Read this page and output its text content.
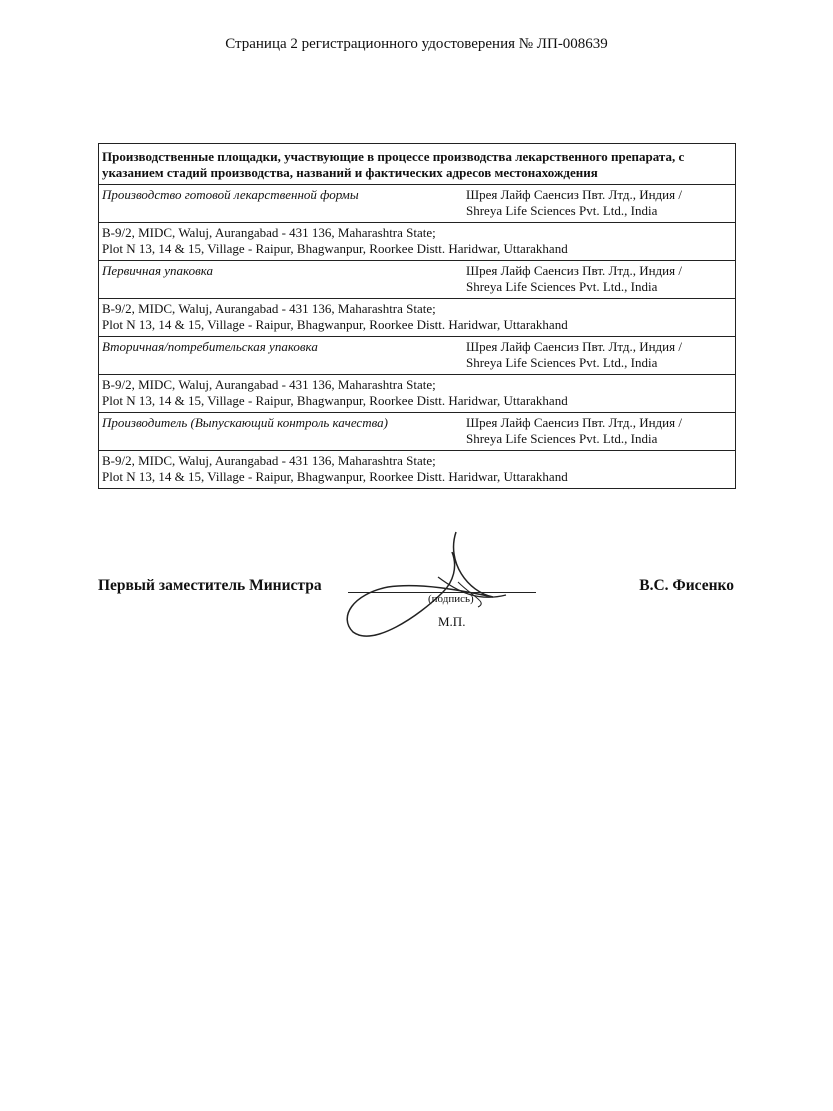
Страница 2 регистрационного удостоверения № ЛП-008639
Производственные площадки, участвующие в процессе производства лекарственного препарата, с указанием стадий производства, названий и фактических адресов местонахождения	
Производство готовой лекарственной формы	Шрея Лайф Саенсиз Пвт. Лтд., Индия /
Shreya Life Sciences Pvt. Ltd., India

B-9/2, MIDC, Waluj, Aurangabad - 431 136, Maharashtra State;
Plot N 13, 14 & 15, Village - Raipur, Bhagwanpur, Roorkee Distt. Haridwar, Uttarakhand	

Первичная упаковка	Шрея Лайф Саенсиз Пвт. Лтд., Индия /
Shreya Life Sciences Pvt. Ltd., India

B-9/2, MIDC, Waluj, Aurangabad - 431 136, Maharashtra State;
Plot N 13, 14 & 15, Village - Raipur, Bhagwanpur, Roorkee Distt. Haridwar, Uttarakhand	

Вторичная/потребительская упаковка	Шрея Лайф Саенсиз Пвт. Лтд., Индия /
Shreya Life Sciences Pvt. Ltd., India

B-9/2, MIDC, Waluj, Aurangabad - 431 136, Maharashtra State;
Plot N 13, 14 & 15, Village - Raipur, Bhagwanpur, Roorkee Distt. Haridwar, Uttarakhand	

Производитель (Выпускающий контроль качества)	Шрея Лайф Саенсиз Пвт. Лтд., Индия /
Shreya Life Sciences Pvt. Ltd., India

B-9/2, MIDC, Waluj, Aurangabad - 431 136, Maharashtra State;
Plot N 13, 14 & 15, Village - Raipur, Bhagwanpur, Roorkee Distt. Haridwar, Uttarakhand	
Первый заместитель Министра
(подпись)
М.П.
В.С. Фисенко
